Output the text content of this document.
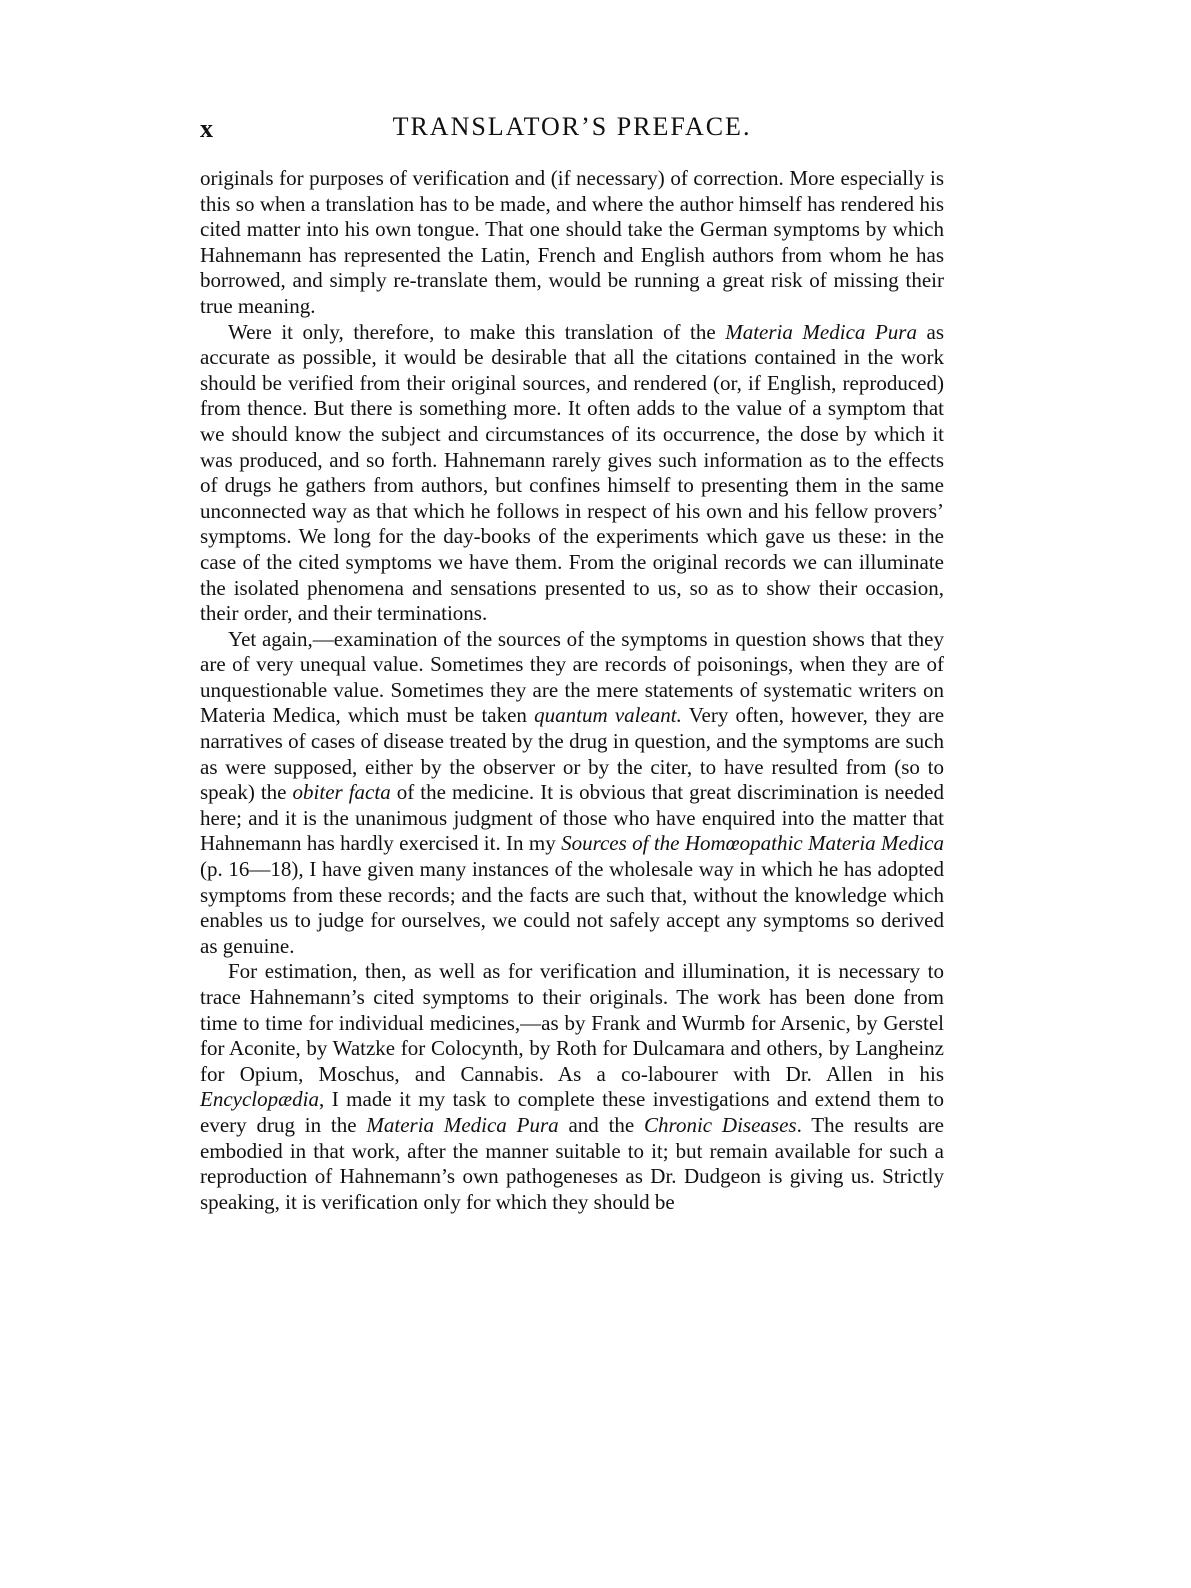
x	TRANSLATOR’S PREFACE.

originals for purposes of verification and (if necessary) of correction. More especially is this so when a translation has to be made, and where the author himself has rendered his cited matter into his own tongue. That one should take the German symptoms by which Hahnemann has represented the Latin, French and English authors from whom he has borrowed, and simply re-translate them, would be running a great risk of missing their true meaning.

Were it only, therefore, to make this translation of the Materia Medica Pura as accurate as possible, it would be desirable that all the citations contained in the work should be verified from their original sources, and rendered (or, if English, reproduced) from thence. But there is something more. It often adds to the value of a symptom that we should know the subject and circumstances of its occurrence, the dose by which it was produced, and so forth. Hahnemann rarely gives such information as to the effects of drugs he gathers from authors, but confines himself to presenting them in the same unconnected way as that which he follows in respect of his own and his fellow provers’ symptoms. We long for the day-books of the experiments which gave us these: in the case of the cited symptoms we have them. From the original records we can illuminate the isolated phenomena and sensations presented to us, so as to show their occasion, their order, and their terminations.

Yet again,—examination of the sources of the symptoms in question shows that they are of very unequal value. Sometimes they are records of poisonings, when they are of unquestionable value. Sometimes they are the mere statements of systematic writers on Materia Medica, which must be taken quantum valeant. Very often, however, they are narratives of cases of disease treated by the drug in question, and the symptoms are such as were supposed, either by the observer or by the citer, to have resulted from (so to speak) the obiter facta of the medicine. It is obvious that great discrimination is needed here; and it is the unanimous judgment of those who have enquired into the matter that Hahnemann has hardly exercised it. In my Sources of the Homœopathic Materia Medica (p. 16—18), I have given many instances of the wholesale way in which he has adopted symptoms from these records; and the facts are such that, without the knowledge which enables us to judge for ourselves, we could not safely accept any symptoms so derived as genuine.

For estimation, then, as well as for verification and illumination, it is necessary to trace Hahnemann’s cited symptoms to their originals. The work has been done from time to time for individual medicines,—as by Frank and Wurmb for Arsenic, by Gerstel for Aconite, by Watzke for Colocynth, by Roth for Dulcamara and others, by Langheinz for Opium, Moschus, and Cannabis. As a co-labourer with Dr. Allen in his Encyclopædia, I made it my task to complete these investigations and extend them to every drug in the Materia Medica Pura and the Chronic Diseases. The results are embodied in that work, after the manner suitable to it; but remain available for such a reproduction of Hahnemann’s own pathogeneses as Dr. Dudgeon is giving us. Strictly speaking, it is verification only for which they should be
